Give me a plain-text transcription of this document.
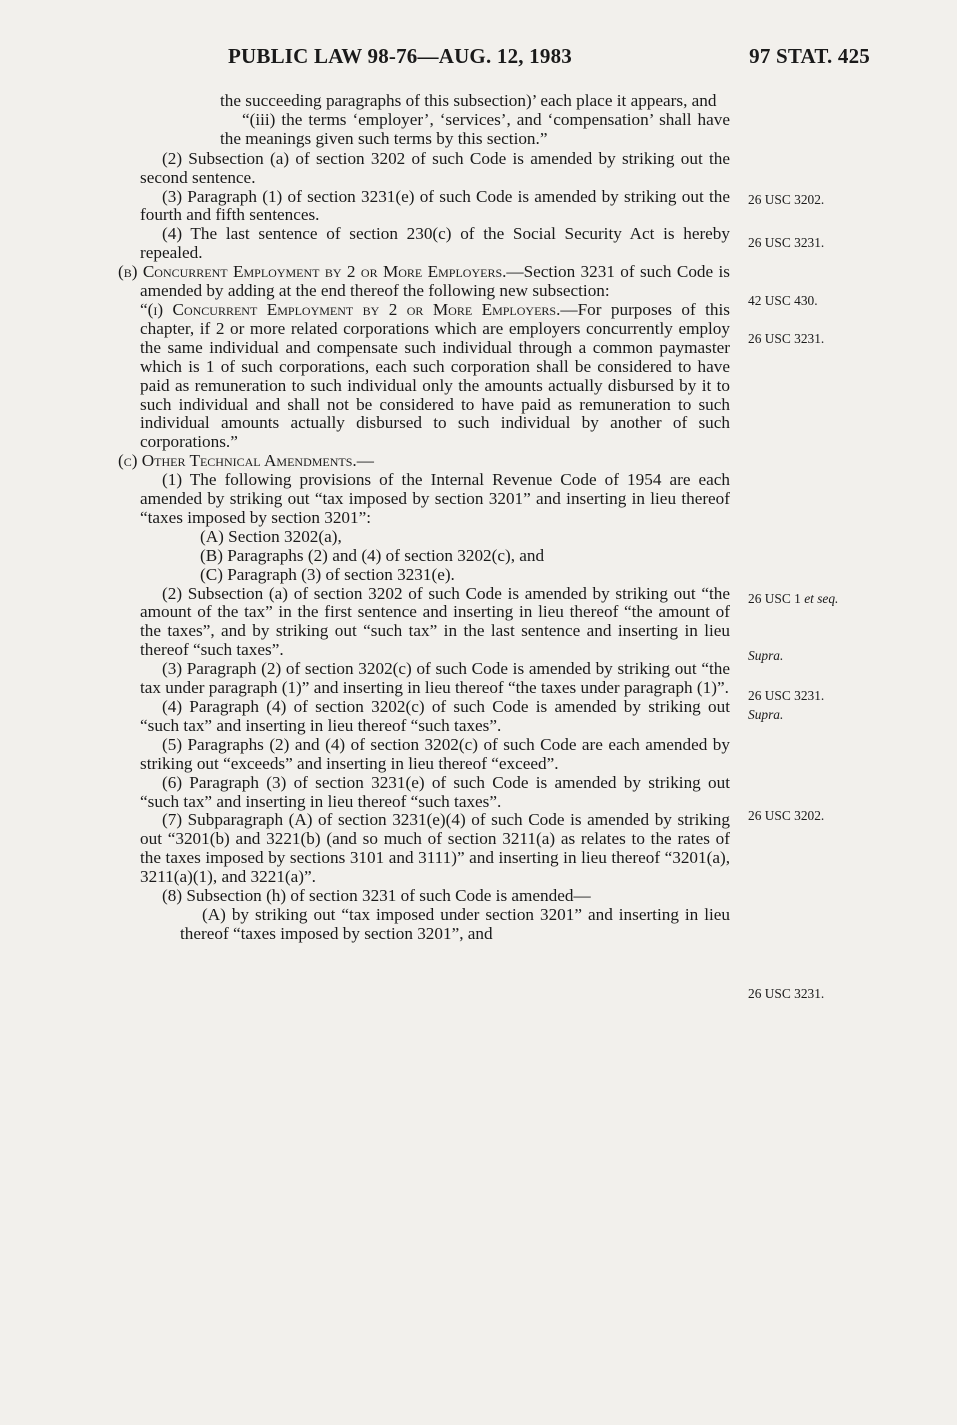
PUBLIC LAW 98-76—AUG. 12, 1983	97 STAT. 425

the succeeding paragraphs of this subsection)’ each place it appears, and

“(iii) the terms ‘employer’, ‘services’, and ‘compensation’ shall have the meanings given such terms by this section.”

(2) Subsection (a) of section 3202 of such Code is amended by striking out the second sentence.

(3) Paragraph (1) of section 3231(e) of such Code is amended by striking out the fourth and fifth sentences.

(4) The last sentence of section 230(c) of the Social Security Act is hereby repealed.

(b) Concurrent Employment by 2 or More Employers.—Section 3231 of such Code is amended by adding at the end thereof the following new subsection:

“(i) Concurrent Employment by 2 or More Employers.—For purposes of this chapter, if 2 or more related corporations which are employers concurrently employ the same individual and compensate such individual through a common paymaster which is 1 of such corporations, each such corporation shall be considered to have paid as remuneration to such individual only the amounts actually disbursed by it to such individual and shall not be considered to have paid as remuneration to such individual amounts actually disbursed to such individual by another of such corporations.”

(c) Other Technical Amendments.—

(1) The following provisions of the Internal Revenue Code of 1954 are each amended by striking out “tax imposed by section 3201” and inserting in lieu thereof “taxes imposed by section 3201”:

(A) Section 3202(a),

(B) Paragraphs (2) and (4) of section 3202(c), and

(C) Paragraph (3) of section 3231(e).

(2) Subsection (a) of section 3202 of such Code is amended by striking out “the amount of the tax” in the first sentence and inserting in lieu thereof “the amount of the taxes”, and by striking out “such tax” in the last sentence and inserting in lieu thereof “such taxes”.

(3) Paragraph (2) of section 3202(c) of such Code is amended by striking out “the tax under paragraph (1)” and inserting in lieu thereof “the taxes under paragraph (1)”.

(4) Paragraph (4) of section 3202(c) of such Code is amended by striking out “such tax” and inserting in lieu thereof “such taxes”.

(5) Paragraphs (2) and (4) of section 3202(c) of such Code are each amended by striking out “exceeds” and inserting in lieu thereof “exceed”.

(6) Paragraph (3) of section 3231(e) of such Code is amended by striking out “such tax” and inserting in lieu thereof “such taxes”.

(7) Subparagraph (A) of section 3231(e)(4) of such Code is amended by striking out “3201(b) and 3221(b) (and so much of section 3211(a) as relates to the rates of the taxes imposed by sections 3101 and 3111)” and inserting in lieu thereof “3201(a), 3211(a)(1), and 3221(a)”.

(8) Subsection (h) of section 3231 of such Code is amended—

(A) by striking out “tax imposed under section 3201” and inserting in lieu thereof “taxes imposed by section 3201”, and

26 USC 3202.
26 USC 3231.
42 USC 430.
26 USC 3231.
26 USC 1 et seq.
Supra.
26 USC 3231.
Supra.
26 USC 3202.
26 USC 3231.
